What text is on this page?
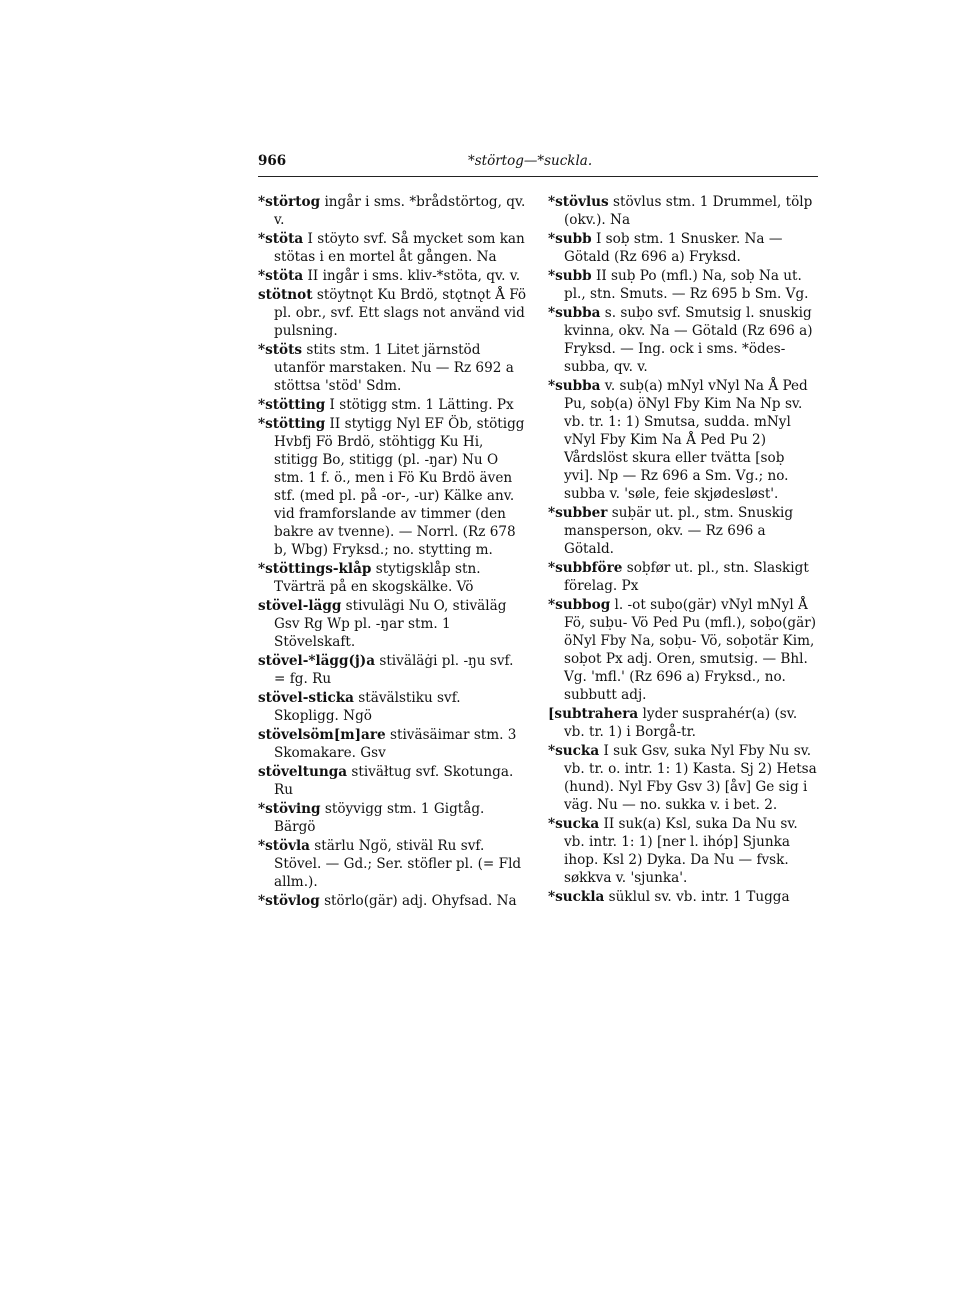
966	*störtog—*suckla.
*störtog ingår i sms. *brådstörtog, qv. v.
*stöta I stöyto svf. Så mycket som kan stötas i en mortel åt gången. Na
*stöta II ingår i sms. kliv-*stöta, qv. v.
stötnot stöytnǫt Ku Brdö, stǫtnǫt Å Fö pl. obr., svf. Ett slags not använd vid pulsning.
*stöts stits stm. 1 Litet järnstöd utanför marstaken. Nu — Rz 692 a stöttsa 'stöd' Sdm.
*stötting I stötigg stm. 1 Lätting. Px
*stötting II stytigg Nyl EF Öb, stötigg Hvbfj Fö Brdö, stöhtigg Ku Hi, stitigg Bo, stitigg (pl. -ŋar) Nu O stm. 1 f. ö., men i Fö Ku Brdö även stf. (med pl. på -or-, -ur) Kälke anv. vid framforslande av timmer (den bakre av tvenne). — Norrl. (Rz 678 b, Wbg) Fryksd.; no. stytting m.
*stöttings-klåp stytigsklåp stn. Tvärträ på en skogskälke. Vö
stövel-lägg stivulägi Nu O, stiväläg Gsv Rg Wp pl. -ŋar stm. 1 Stövelskaft.
stövel-*lägg(j)a stiväläġi pl. -ŋu svf. = fg. Ru
stövel-sticka stävälstiku svf. Skopligg. Ngö
stövelsöm[m]are stiväsäimar stm. 3 Skomakare. Gsv
stöveltunga stiväłtug svf. Skotunga. Ru
*stöving stöyvigg stm. 1 Gigtåg. Bärgö
*stövla stärlu Ngö, stiväl Ru svf. Stövel. — Gd.; Ser. stöfler pl. (= Fld allm.).
*stövlog störlo(gär) adj. Ohyfsad. Na
*stövlus stövlus stm. 1 Drummel, tölp (okv.). Na
*subb I soḅ stm. 1 Snusker. Na — Götald (Rz 696 a) Fryksd.
*subb II suḅ Po (mfl.) Na, soḅ Na ut. pl., stn. Smuts. — Rz 695 b Sm. Vg.
*subba s. suḅo svf. Smutsig l. snuskig kvinna, okv. Na — Götald (Rz 696 a) Fryksd. — Ing. ock i sms. *ödes-subba, qv. v.
*subba v. suḅ(a) mNyl vNyl Na Å Ped Pu, soḅ(a) öNyl Fby Kim Na Np sv. vb. tr. 1: 1) Smutsa, sudda. mNyl vNyl Fby Kim Na Å Ped Pu 2) Vårdslöst skura eller tvätta [soḅ yvi]. Np — Rz 696 a Sm. Vg.; no. subba v. 'søle, feie skjødesløst'.
*subber suḅär ut. pl., stm. Snuskig mansperson, okv. — Rz 696 a Götald.
*subbföre soḅfør ut. pl., stn. Slaskigt förelag. Px
*subbog l. -ot suḅo(gär) vNyl mNyl Å Fö, suḅu- Vö Ped Pu (mfl.), soḅo(gär) öNyl Fby Na, soḅu- Vö, soḅotär Kim, soḅot Px adj. Oren, smutsig. — Bhl. Vg. 'mfl.' (Rz 696 a) Fryksd., no. subbutt adj.
[subtrahera lyder susprahér(a) (sv. vb. tr. 1) i Borgå-tr.
*sucka I suk Gsv, suka Nyl Fby Nu sv. vb. tr. o. intr. 1: 1) Kasta. Sj 2) Hetsa (hund). Nyl Fby Gsv 3) [åv] Ge sig i väg. Nu — no. sukka v. i bet. 2.
*sucka II suk(a) Ksl, suka Da Nu sv. vb. intr. 1: 1) [ner l. ihóp] Sjunka ihop. Ksl 2) Dyka. Da Nu — fvsk. søkkva v. 'sjunka'.
*suckla süklul sv. vb. intr. 1 Tugga
